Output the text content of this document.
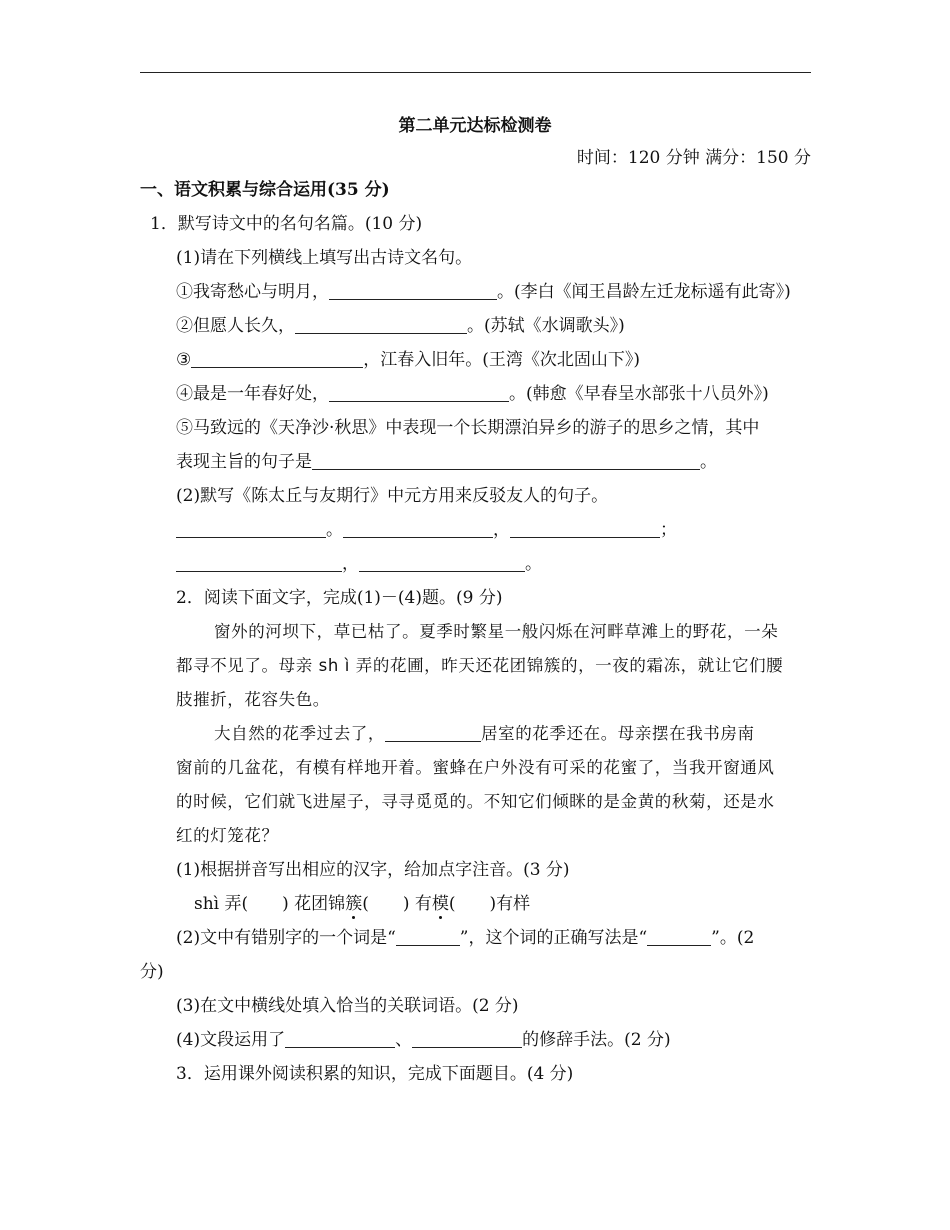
第二单元达标检测卷
时间：120 分钟 满分：150 分
一、语文积累与综合运用(35 分)
1．默写诗文中的名句名篇。(10 分)
(1)请在下列横线上填写出古诗文名句。
①我寄愁心与明月，	。(李白《闻王昌龄左迁龙标遥有此寄》)
②但愿人长久，	。(苏轼《水调歌头》)
③	，江春入旧年。(王湾《次北固山下》)
④最是一年春好处，	。(韩愈《早春呈水部张十八员外》)
⑤马致远的《天净沙·秋思》中表现一个长期漂泊异乡的游子的思乡之情，其中
表现主旨的句子是	。
(2)默写《陈太丘与友期行》中元方用来反驳友人的句子。
。	，	；
，	。
2．阅读下面文字，完成(1)－(4)题。(9 分)
窗外的河坝下，草已枯了。夏季时繁星一般闪烁在河畔草滩上的野花，一朵
都寻不见了。母亲 sh ì 弄的花圃，昨天还花团锦簇的，一夜的霜冻，就让它们腰
肢摧折，花容失色。
大自然的花季过去了，	居室的花季还在。母亲摆在我书房南
窗前的几盆花，有模有样地开着。蜜蜂在户外没有可采的花蜜了，当我开窗通风
的时候，它们就飞进屋子，寻寻觅觅的。不知它们倾眯的是金黄的秋菊，还是水
红的灯笼花？
(1)根据拼音写出相应的汉字，给加点字注音。(3 分)
shì 弄(　　) 花团锦簇(　　) 有模(　　)有样
(2)文中有错别字的一个词是“	”，这个词的正确写法是“	”。(2
分)
(3)在文中横线处填入恰当的关联词语。(2 分)
(4)文段运用了	、	的修辞手法。(2 分)
3．运用课外阅读积累的知识，完成下面题目。(4 分)
